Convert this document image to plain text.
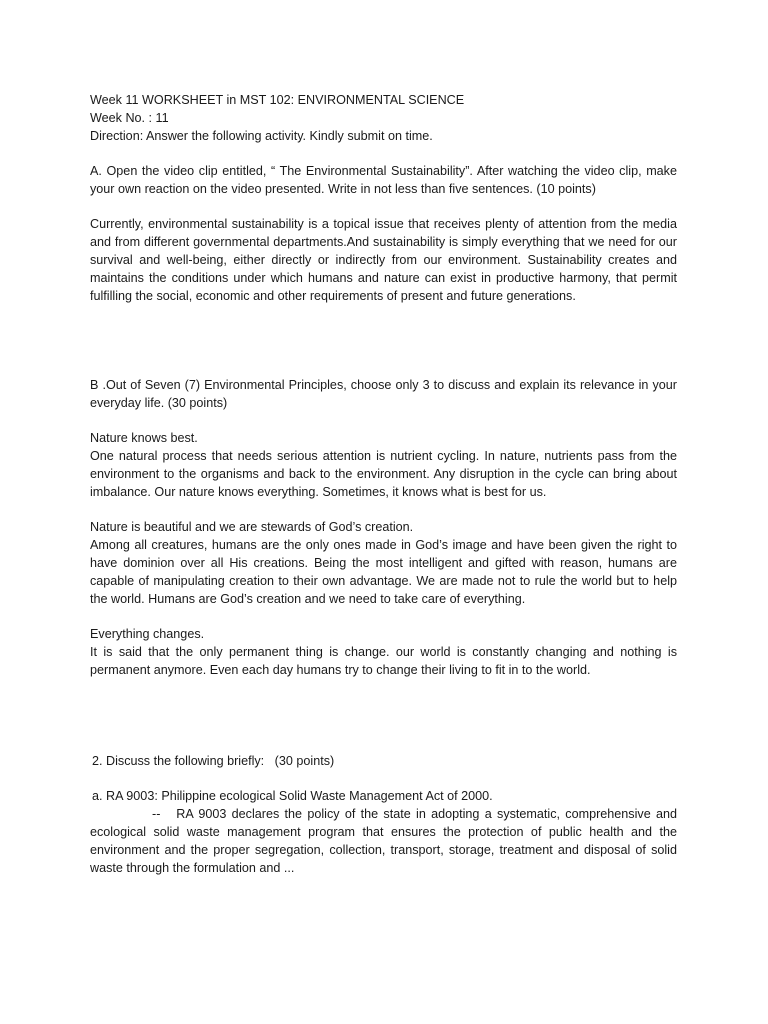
Week 11 WORKSHEET in MST 102: ENVIRONMENTAL SCIENCE

Week No. : 11

Direction: Answer the following activity. Kindly submit on time.

A. Open the video clip entitled, “ The Environmental Sustainability”. After watching the video clip, make your own reaction on the video presented. Write in not less than five sentences. (10 points)

Currently, environmental sustainability is a topical issue that receives plenty of attention from the media and from different governmental departments.And sustainability is simply everything that we need for our survival and well-being, either directly or indirectly from our environment. Sustainability creates and maintains the conditions under which humans and nature can exist in productive harmony, that permit fulfilling the social, economic and other requirements of present and future generations.

B .Out of Seven (7) Environmental Principles, choose only 3 to discuss and explain its relevance in your everyday life. (30 points)

Nature knows best.

One natural process that needs serious attention is nutrient cycling. In nature, nutrients pass from the environment to the organisms and back to the environment. Any disruption in the cycle can bring about imbalance. Our nature knows everything. Sometimes, it knows what is best for us.

Nature is beautiful and we are stewards of God’s creation.

Among all creatures, humans are the only ones made in God’s image and have been given the right to have dominion over all His creations. Being the most intelligent and gifted with reason, humans are capable of manipulating creation to their own advantage. We are made not to rule the world but to help the world. Humans are God’s creation and we need to take care of everything.

Everything changes.

It is said that the only permanent thing is change. our world is constantly changing and nothing is permanent anymore. Even each day humans try to change their living to fit in to the world.

2. Discuss the following briefly:   (30 points)

a. RA 9003: Philippine ecological Solid Waste Management Act of 2000.

--   RA 9003 declares the policy of the state in adopting a systematic, comprehensive and ecological solid waste management program that ensures the protection of public health and the environment and the proper segregation, collection, transport, storage, treatment and disposal of solid waste through the formulation and ...
